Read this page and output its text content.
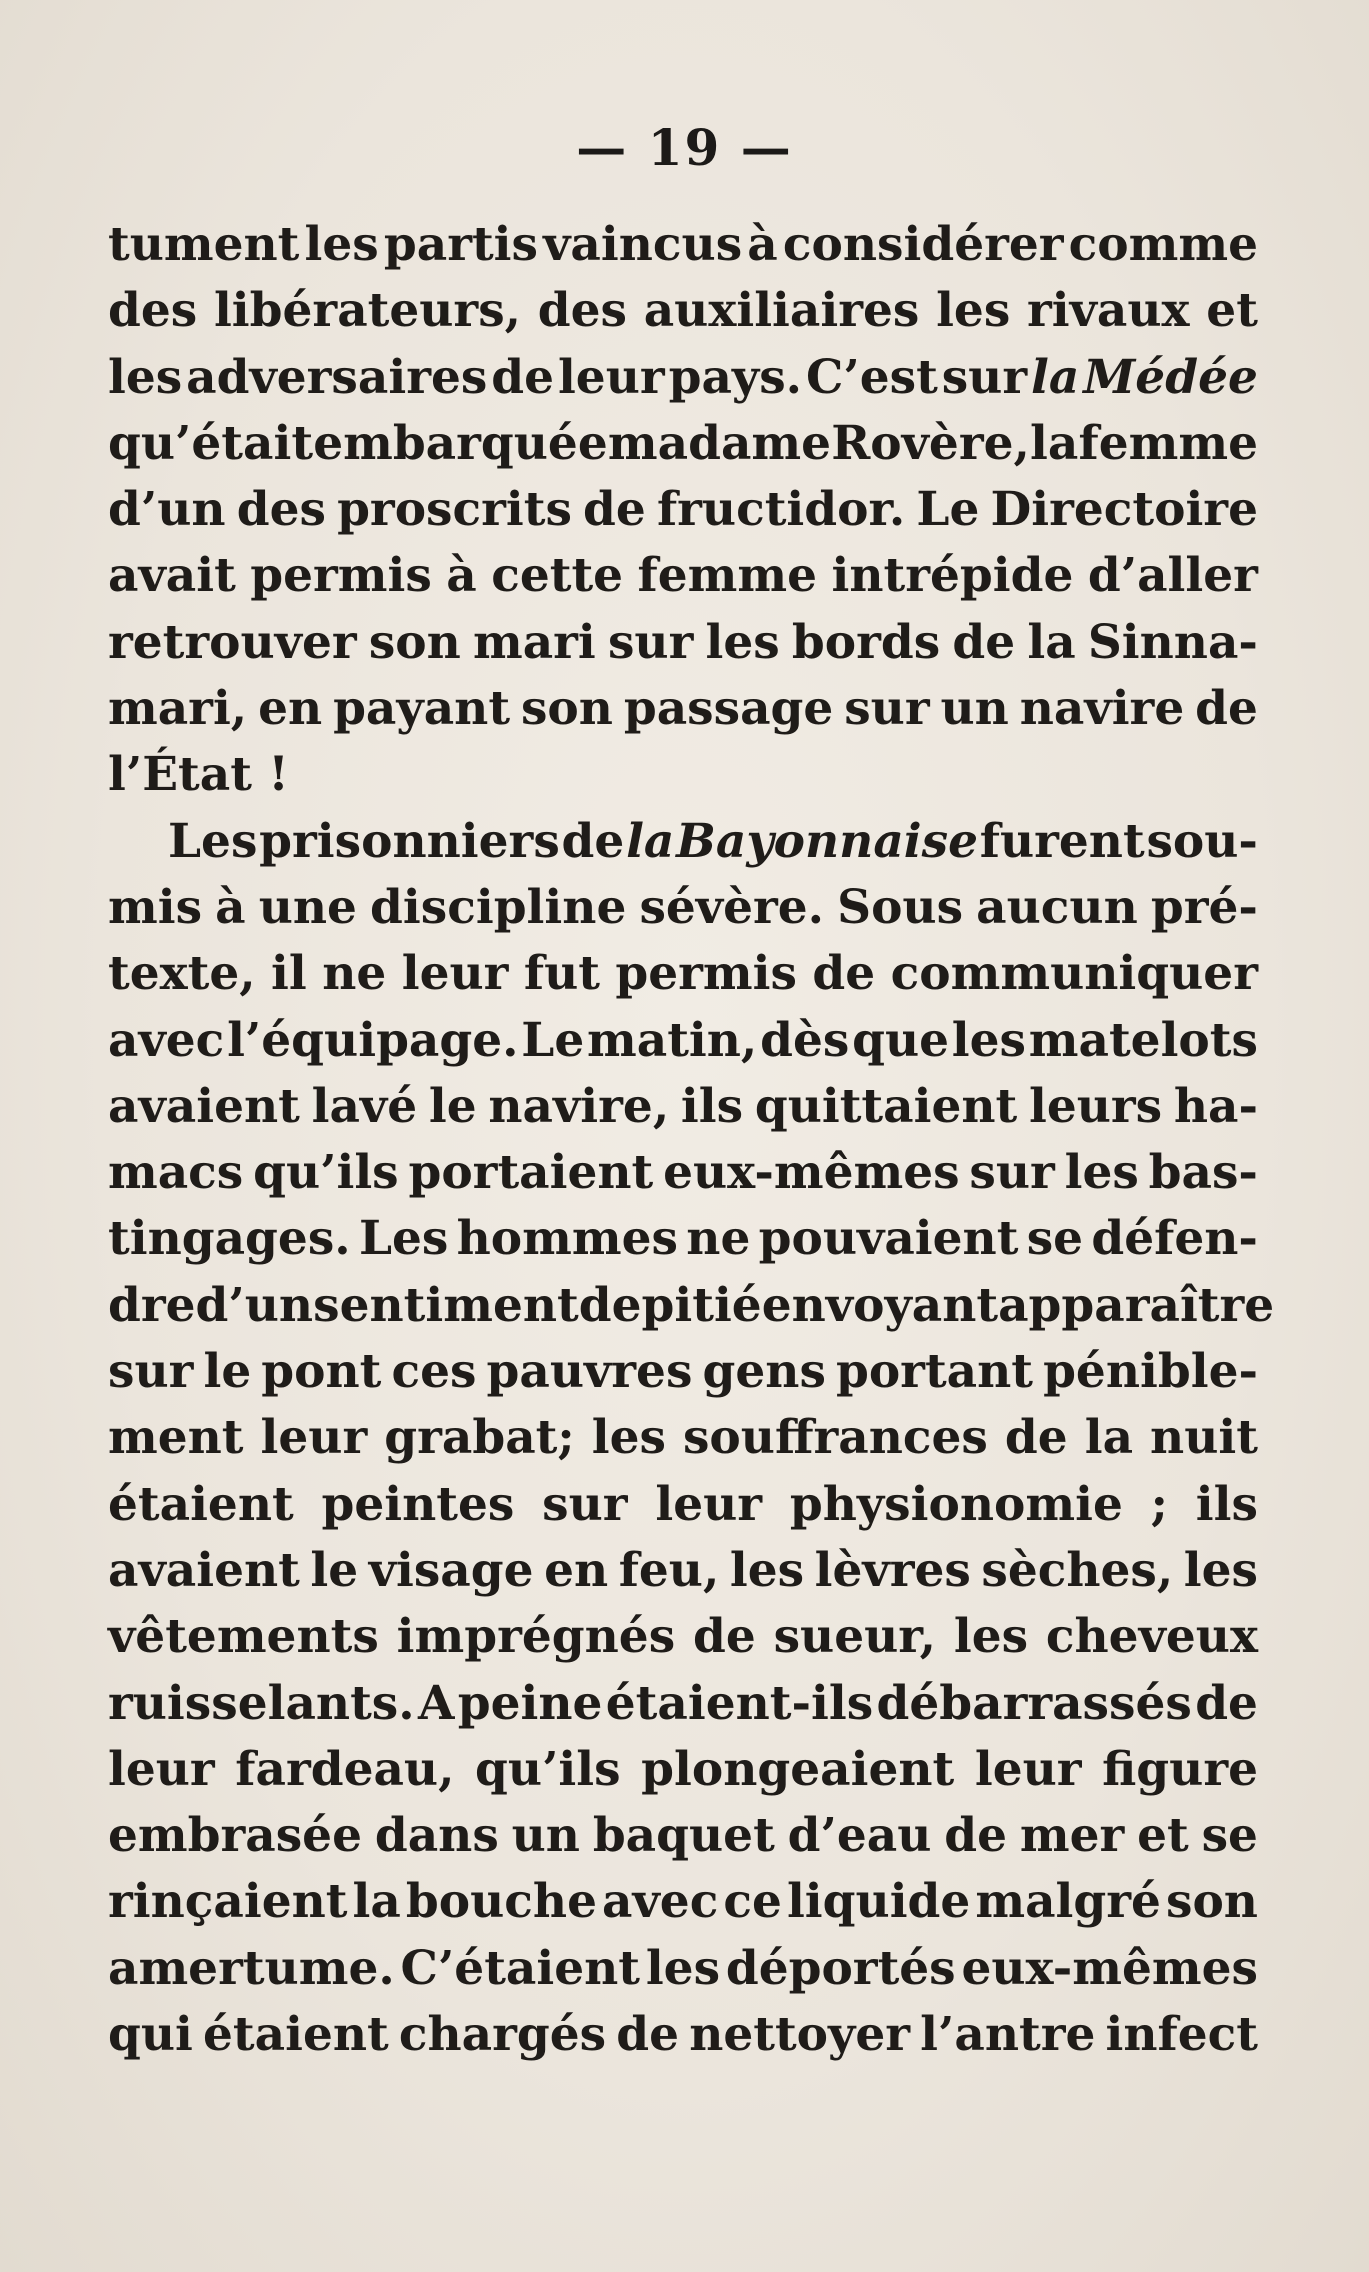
— 19 —
tument les partis vaincus à considérer comme
des libérateurs, des auxiliaires les rivaux et
les adversaires de leur pays. C’est sur la Médée
qu’était embarquée madame Rovère, la femme
d’un des proscrits de fructidor. Le Directoire
avait permis à cette femme intrépide d’aller
retrouver son mari sur les bords de la Sinna-
mari, en payant son passage sur un navire de
l’État !
Les prisonniers de la Bayonnaise furent sou-
mis à une discipline sévère. Sous aucun pré-
texte, il ne leur fut permis de communiquer
avec l’équipage. Le matin, dès que les matelots
avaient lavé le navire, ils quittaient leurs ha-
macs qu’ils portaient eux-mêmes sur les bas-
tingages. Les hommes ne pouvaient se défen-
dre d’un sentiment de pitié en voyant apparaître
sur le pont ces pauvres gens portant pénible-
ment leur grabat; les souffrances de la nuit
étaient peintes sur leur physionomie ; ils
avaient le visage en feu, les lèvres sèches, les
vêtements imprégnés de sueur, les cheveux
ruisselants. A peine étaient-ils débarrassés de
leur fardeau, qu’ils plongeaient leur figure
embrasée dans un baquet d’eau de mer et se
rinçaient la bouche avec ce liquide malgré son
amertume. C’étaient les déportés eux-mêmes
qui étaient chargés de nettoyer l’antre infect
